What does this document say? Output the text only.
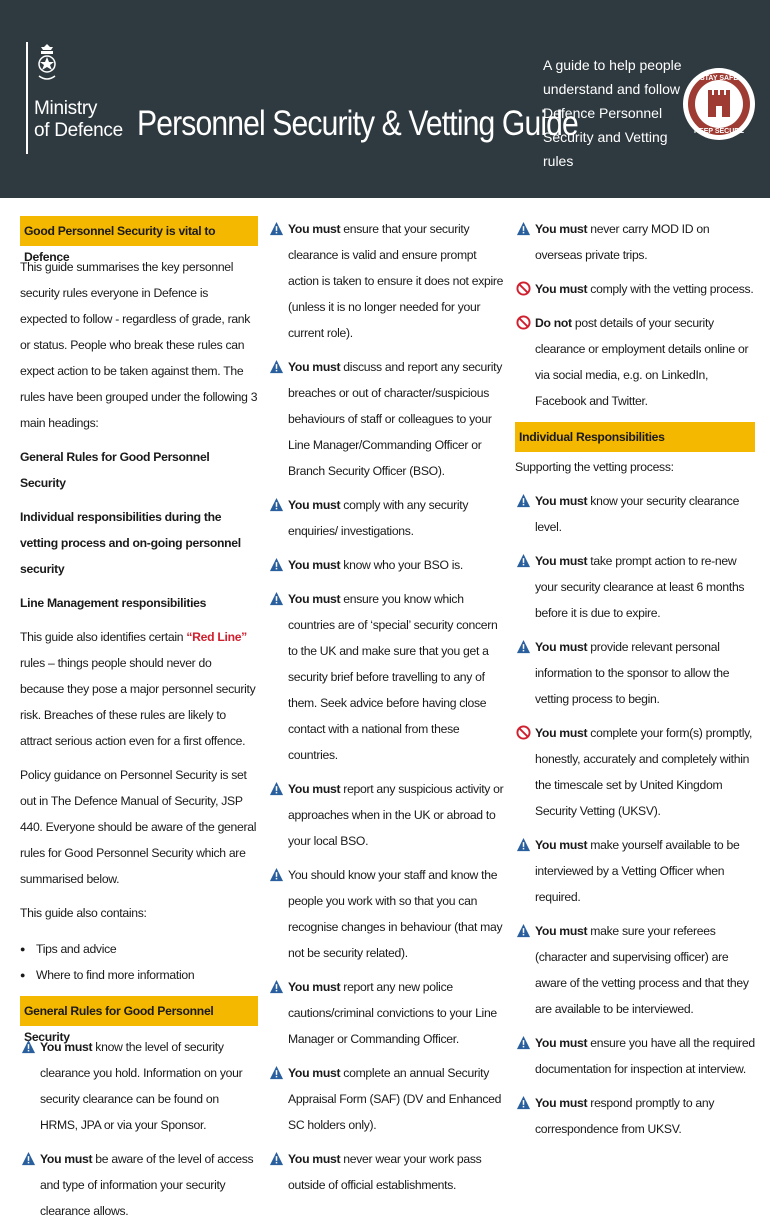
Ministry
of Defence Personnel Security & Vetting Guide
A guide to help people understand and follow Defence Personnel Security and Vetting rules
STAY SAFE
KEEP SECURE
Good Personnel Security is vital to Defence
This guide summarises the key personnel security rules everyone in Defence is expected to follow - regardless of grade, rank or status. People who break these rules can expect action to be taken against them. The rules have been grouped under the following 3 main headings:
General Rules for Good Personnel Security
Individual responsibilities during the vetting process and on-going personnel security
Line Management responsibilities
This guide also identifies certain “Red Line” rules – things people should never do because they pose a major personnel security risk. Breaches of these rules are likely to attract serious action even for a first offence.
Policy guidance on Personnel Security is set out in The Defence Manual of Security, JSP 440. Everyone should be aware of the general rules for Good Personnel Security which are summarised below.
This guide also contains:
● Tips and advice
● Where to find more information
General Rules for Good Personnel Security
You must know the level of security clearance you hold. Information on your security clearance can be found on HRMS, JPA or via your Sponsor.
You must be aware of the level of access and type of information your security clearance allows.
You must ensure that your security clearance is valid and ensure prompt action is taken to ensure it does not expire (unless it is no longer needed for your current role).
You must discuss and report any security breaches or out of character/suspicious behaviours of staff or colleagues to your Line Manager/Commanding Officer or Branch Security Officer (BSO).
You must comply with any security enquiries/ investigations.
You must know who your BSO is.
You must ensure you know which countries are of ‘special’ security concern to the UK and make sure that you get a security brief before travelling to any of them. Seek advice before having close contact with a national from these countries.
You must report any suspicious activity or approaches when in the UK or abroad to your local BSO.
You should know your staff and know the people you work with so that you can recognise changes in behaviour (that may not be security related).
You must report any new police cautions/criminal convictions to your Line Manager or Commanding Officer.
You must complete an annual Security Appraisal Form (SAF) (DV and Enhanced SC holders only).
You must never wear your work pass outside of official establishments.
You must never carry MOD ID on overseas private trips.
You must comply with the vetting process.
Do not post details of your security clearance or employment details online or via social media, e.g. on LinkedIn, Facebook and Twitter.
Individual Responsibilities
Supporting the vetting process:
You must know your security clearance level.
You must take prompt action to re-new your security clearance at least 6 months before it is due to expire.
You must provide relevant personal information to the sponsor to allow the vetting process to begin.
You must complete your form(s) promptly, honestly, accurately and completely within the timescale set by United Kingdom Security Vetting (UKSV).
You must make yourself available to be interviewed by a Vetting Officer when required.
You must make sure your referees (character and supervising officer) are aware of the vetting process and that they are available to be interviewed.
You must ensure you have all the required documentation for inspection at interview.
You must respond promptly to any correspondence from UKSV.
